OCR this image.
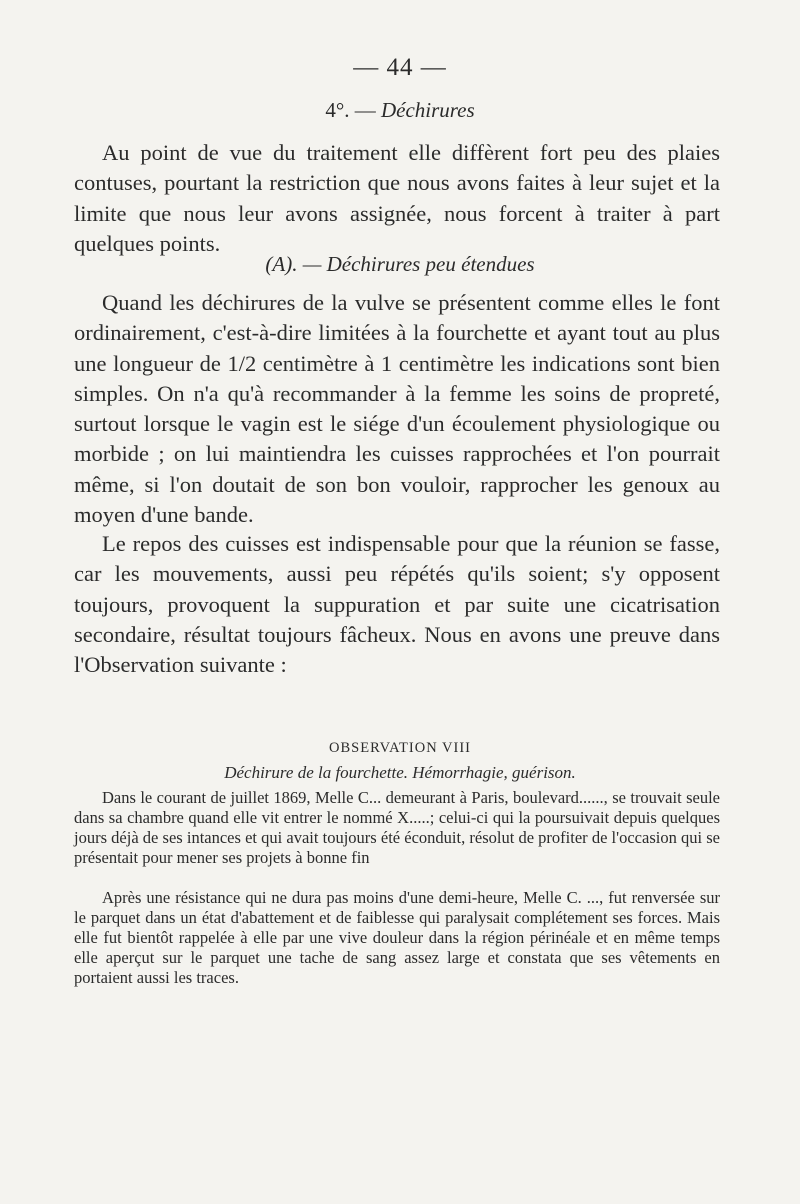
— 44 —
4°. — Déchirures
Au point de vue du traitement elle diffèrent fort peu des plaies contuses, pourtant la restriction que nous avons faites à leur sujet et la limite que nous leur avons assignée, nous forcent à traiter à part quelques points.
(A). — Déchirures peu étendues
Quand les déchirures de la vulve se présentent comme elles le font ordinairement, c'est-à-dire limitées à la fourchette et ayant tout au plus une longueur de 1/2 centimètre à 1 centimètre les indications sont bien simples. On n'a qu'à recommander à la femme les soins de propreté, surtout lorsque le vagin est le siége d'un écoulement physiologique ou morbide ; on lui maintiendra les cuisses rapprochées et l'on pourrait même, si l'on doutait de son bon vouloir, rapprocher les genoux au moyen d'une bande.
Le repos des cuisses est indispensable pour que la réunion se fasse, car les mouvements, aussi peu répétés qu'ils soient; s'y opposent toujours, provoquent la suppuration et par suite une cicatrisation secondaire, résultat toujours fâcheux. Nous en avons une preuve dans l'Observation suivante :
OBSERVATION VIII
Déchirure de la fourchette. Hémorrhagie, guérison.
Dans le courant de juillet 1869, Melle C... demeurant à Paris, boulevard......, se trouvait seule dans sa chambre quand elle vit entrer le nommé X.....; celui-ci qui la poursuivait depuis quelques jours déjà de ses intances et qui avait toujours été éconduit, résolut de profiter de l'occasion qui se présentait pour mener ses projets à bonne fin
Après une résistance qui ne dura pas moins d'une demi-heure, Melle C. ..., fut renversée sur le parquet dans un état d'abattement et de faiblesse qui paralysait complétement ses forces. Mais elle fut bientôt rappelée à elle par une vive douleur dans la région périnéale et en même temps elle aperçut sur le parquet une tache de sang assez large et constata que ses vêtements en portaient aussi les traces.
